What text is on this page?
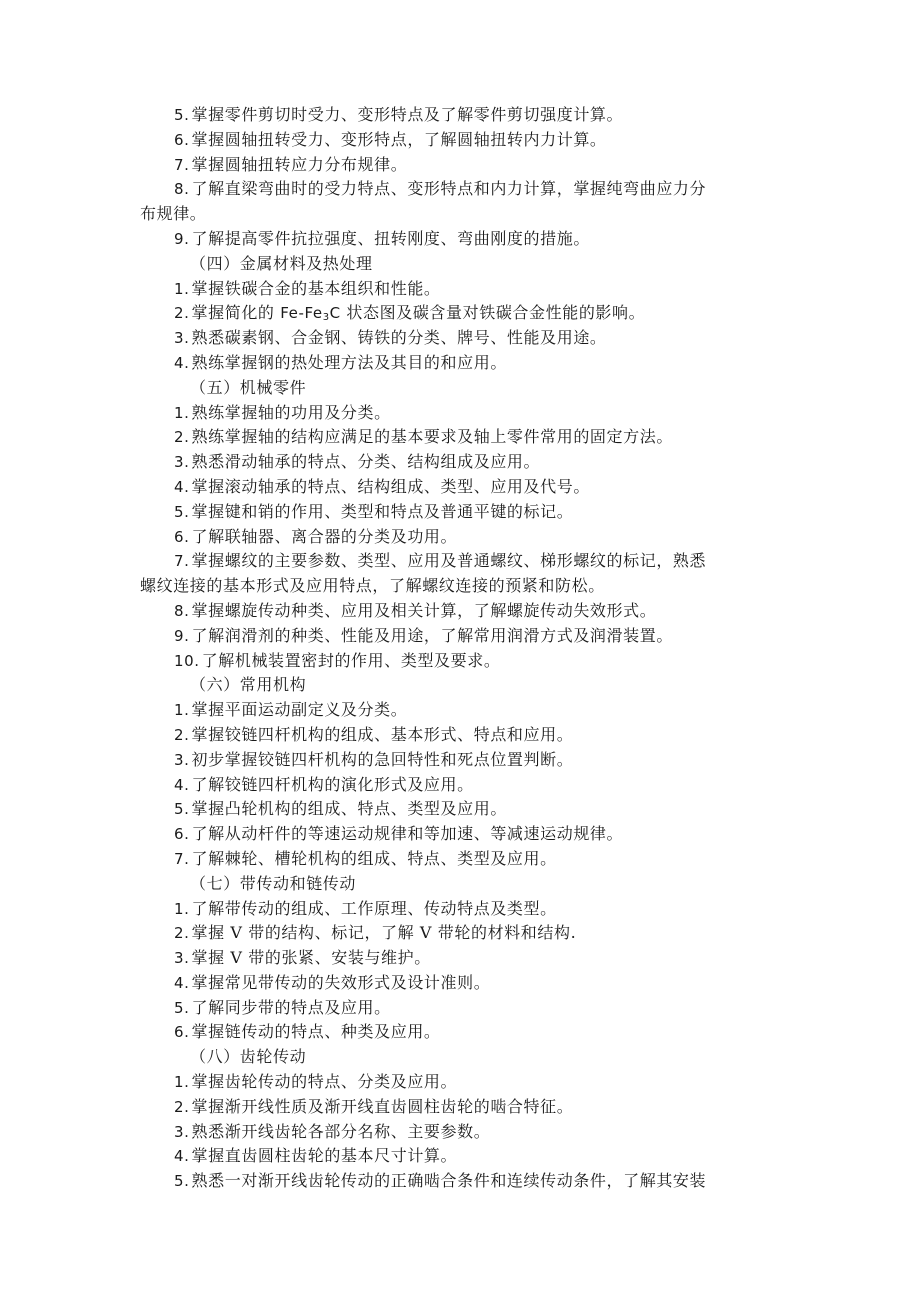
5. 掌握零件剪切时受力、变形特点及了解零件剪切强度计算。
6. 掌握圆轴扭转受力、变形特点，了解圆轴扭转内力计算。
7. 掌握圆轴扭转应力分布规律。
8. 了解直梁弯曲时的受力特点、变形特点和内力计算，掌握纯弯曲应力分
布规律。
9. 了解提高零件抗拉强度、扭转刚度、弯曲刚度的措施。
（四）金属材料及热处理
1. 掌握铁碳合金的基本组织和性能。
2. 掌握简化的 $Fe-Fe_3C$ 状态图及碳含量对铁碳合金性能的影响。
3. 熟悉碳素钢、合金钢、铸铁的分类、牌号、性能及用途。
4. 熟练掌握钢的热处理方法及其目的和应用。
（五）机械零件
1. 熟练掌握轴的功用及分类。
2. 熟练掌握轴的结构应满足的基本要求及轴上零件常用的固定方法。
3. 熟悉滑动轴承的特点、分类、结构组成及应用。
4. 掌握滚动轴承的特点、结构组成、类型、应用及代号。
5. 掌握键和销的作用、类型和特点及普通平键的标记。
6. 了解联轴器、离合器的分类及功用。
7. 掌握螺纹的主要参数、类型、应用及普通螺纹、梯形螺纹的标记，熟悉
螺纹连接的基本形式及应用特点，了解螺纹连接的预紧和防松。
8. 掌握螺旋传动种类、应用及相关计算，了解螺旋传动失效形式。
9. 了解润滑剂的种类、性能及用途，了解常用润滑方式及润滑装置。
10. 了解机械装置密封的作用、类型及要求。
（六）常用机构
1. 掌握平面运动副定义及分类。
2. 掌握铰链四杆机构的组成、基本形式、特点和应用。
3. 初步掌握铰链四杆机构的急回特性和死点位置判断。
4. 了解铰链四杆机构的演化形式及应用。
5. 掌握凸轮机构的组成、特点、类型及应用。
6. 了解从动杆件的等速运动规律和等加速、等减速运动规律。
7. 了解棘轮、槽轮机构的组成、特点、类型及应用。
（七）带传动和链传动
1. 了解带传动的组成、工作原理、传动特点及类型。
2. 掌握 V 带的结构、标记，了解 V 带轮的材料和结构.
3. 掌握 V 带的张紧、安装与维护。
4. 掌握常见带传动的失效形式及设计准则。
5. 了解同步带的特点及应用。
6. 掌握链传动的特点、种类及应用。
（八）齿轮传动
1. 掌握齿轮传动的特点、分类及应用。
2. 掌握渐开线性质及渐开线直齿圆柱齿轮的啮合特征。
3. 熟悉渐开线齿轮各部分名称、主要参数。
4. 掌握直齿圆柱齿轮的基本尺寸计算。
5. 熟悉一对渐开线齿轮传动的正确啮合条件和连续传动条件，了解其安装
